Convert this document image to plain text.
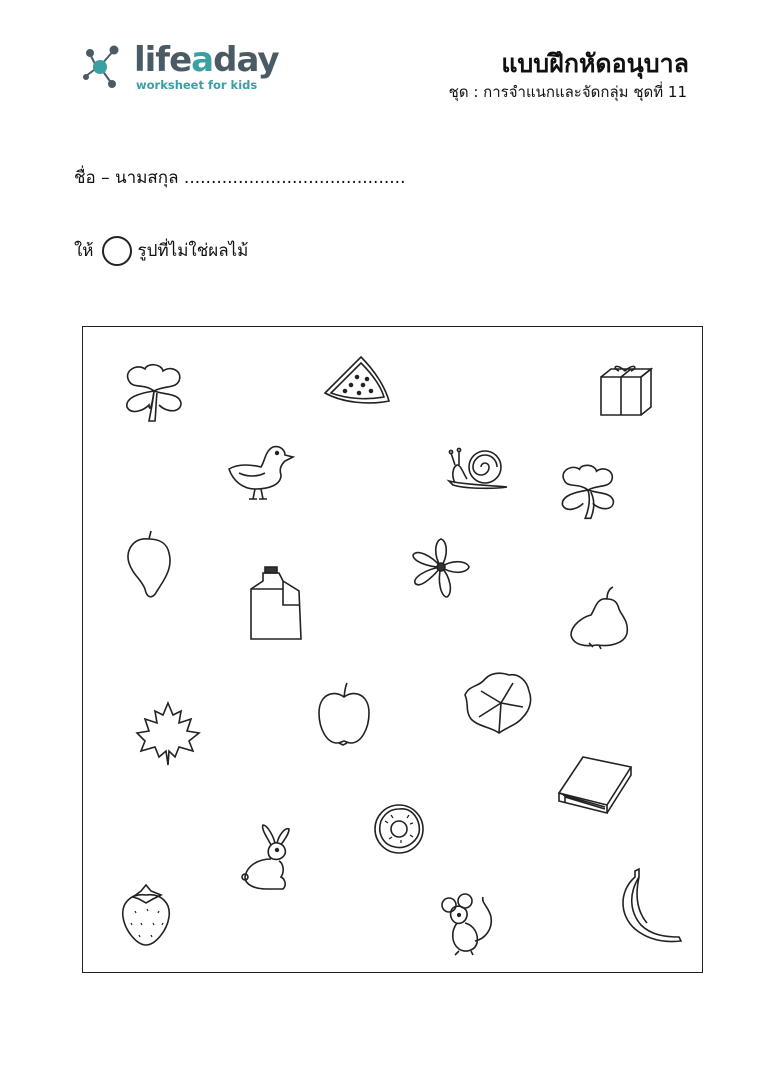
lifeaday
worksheet for kids
แบบฝึกหัดอนุบาล
ชุด : การจำแนกและจัดกลุ่ม ชุดที่ 11
ชื่อ – นามสกุล .........................................
ให้	รูปที่ไม่ใช่ผลไม้
